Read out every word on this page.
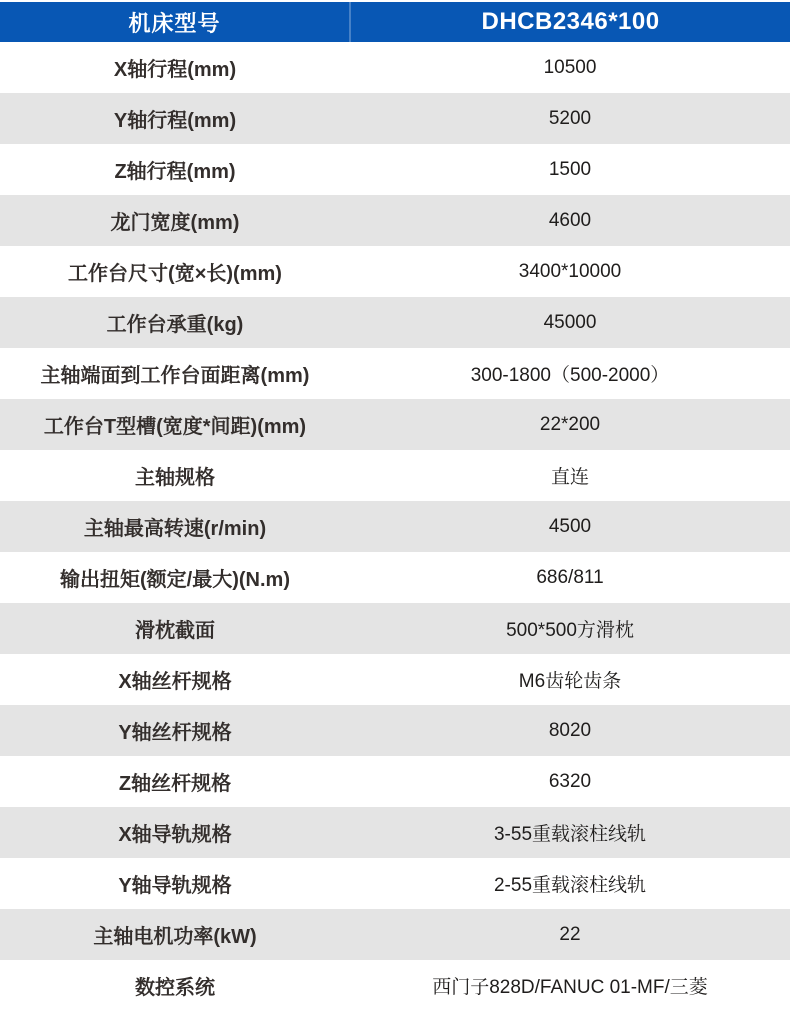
机床型号	DHCB2346*100
X轴行程(mm)	10500
Y轴行程(mm)	5200
Z轴行程(mm)	1500
龙门宽度(mm)	4600
工作台尺寸(宽×长)(mm)	3400*10000
工作台承重(kg)	45000
主轴端面到工作台面距离(mm)	300-1800（500-2000）
工作台T型槽(宽度*间距)(mm)	22*200
主轴规格	直连
主轴最高转速(r/min)	4500
输出扭矩(额定/最大)(N.m)	686/811
滑枕截面	500*500方滑枕
X轴丝杆规格	M6齿轮齿条
Y轴丝杆规格	8020
Z轴丝杆规格	6320
X轴导轨规格	3-55重载滚柱线轨
Y轴导轨规格	2-55重载滚柱线轨
主轴电机功率(kW)	22
数控系统	西门子828D/FANUC 01-MF/三菱
